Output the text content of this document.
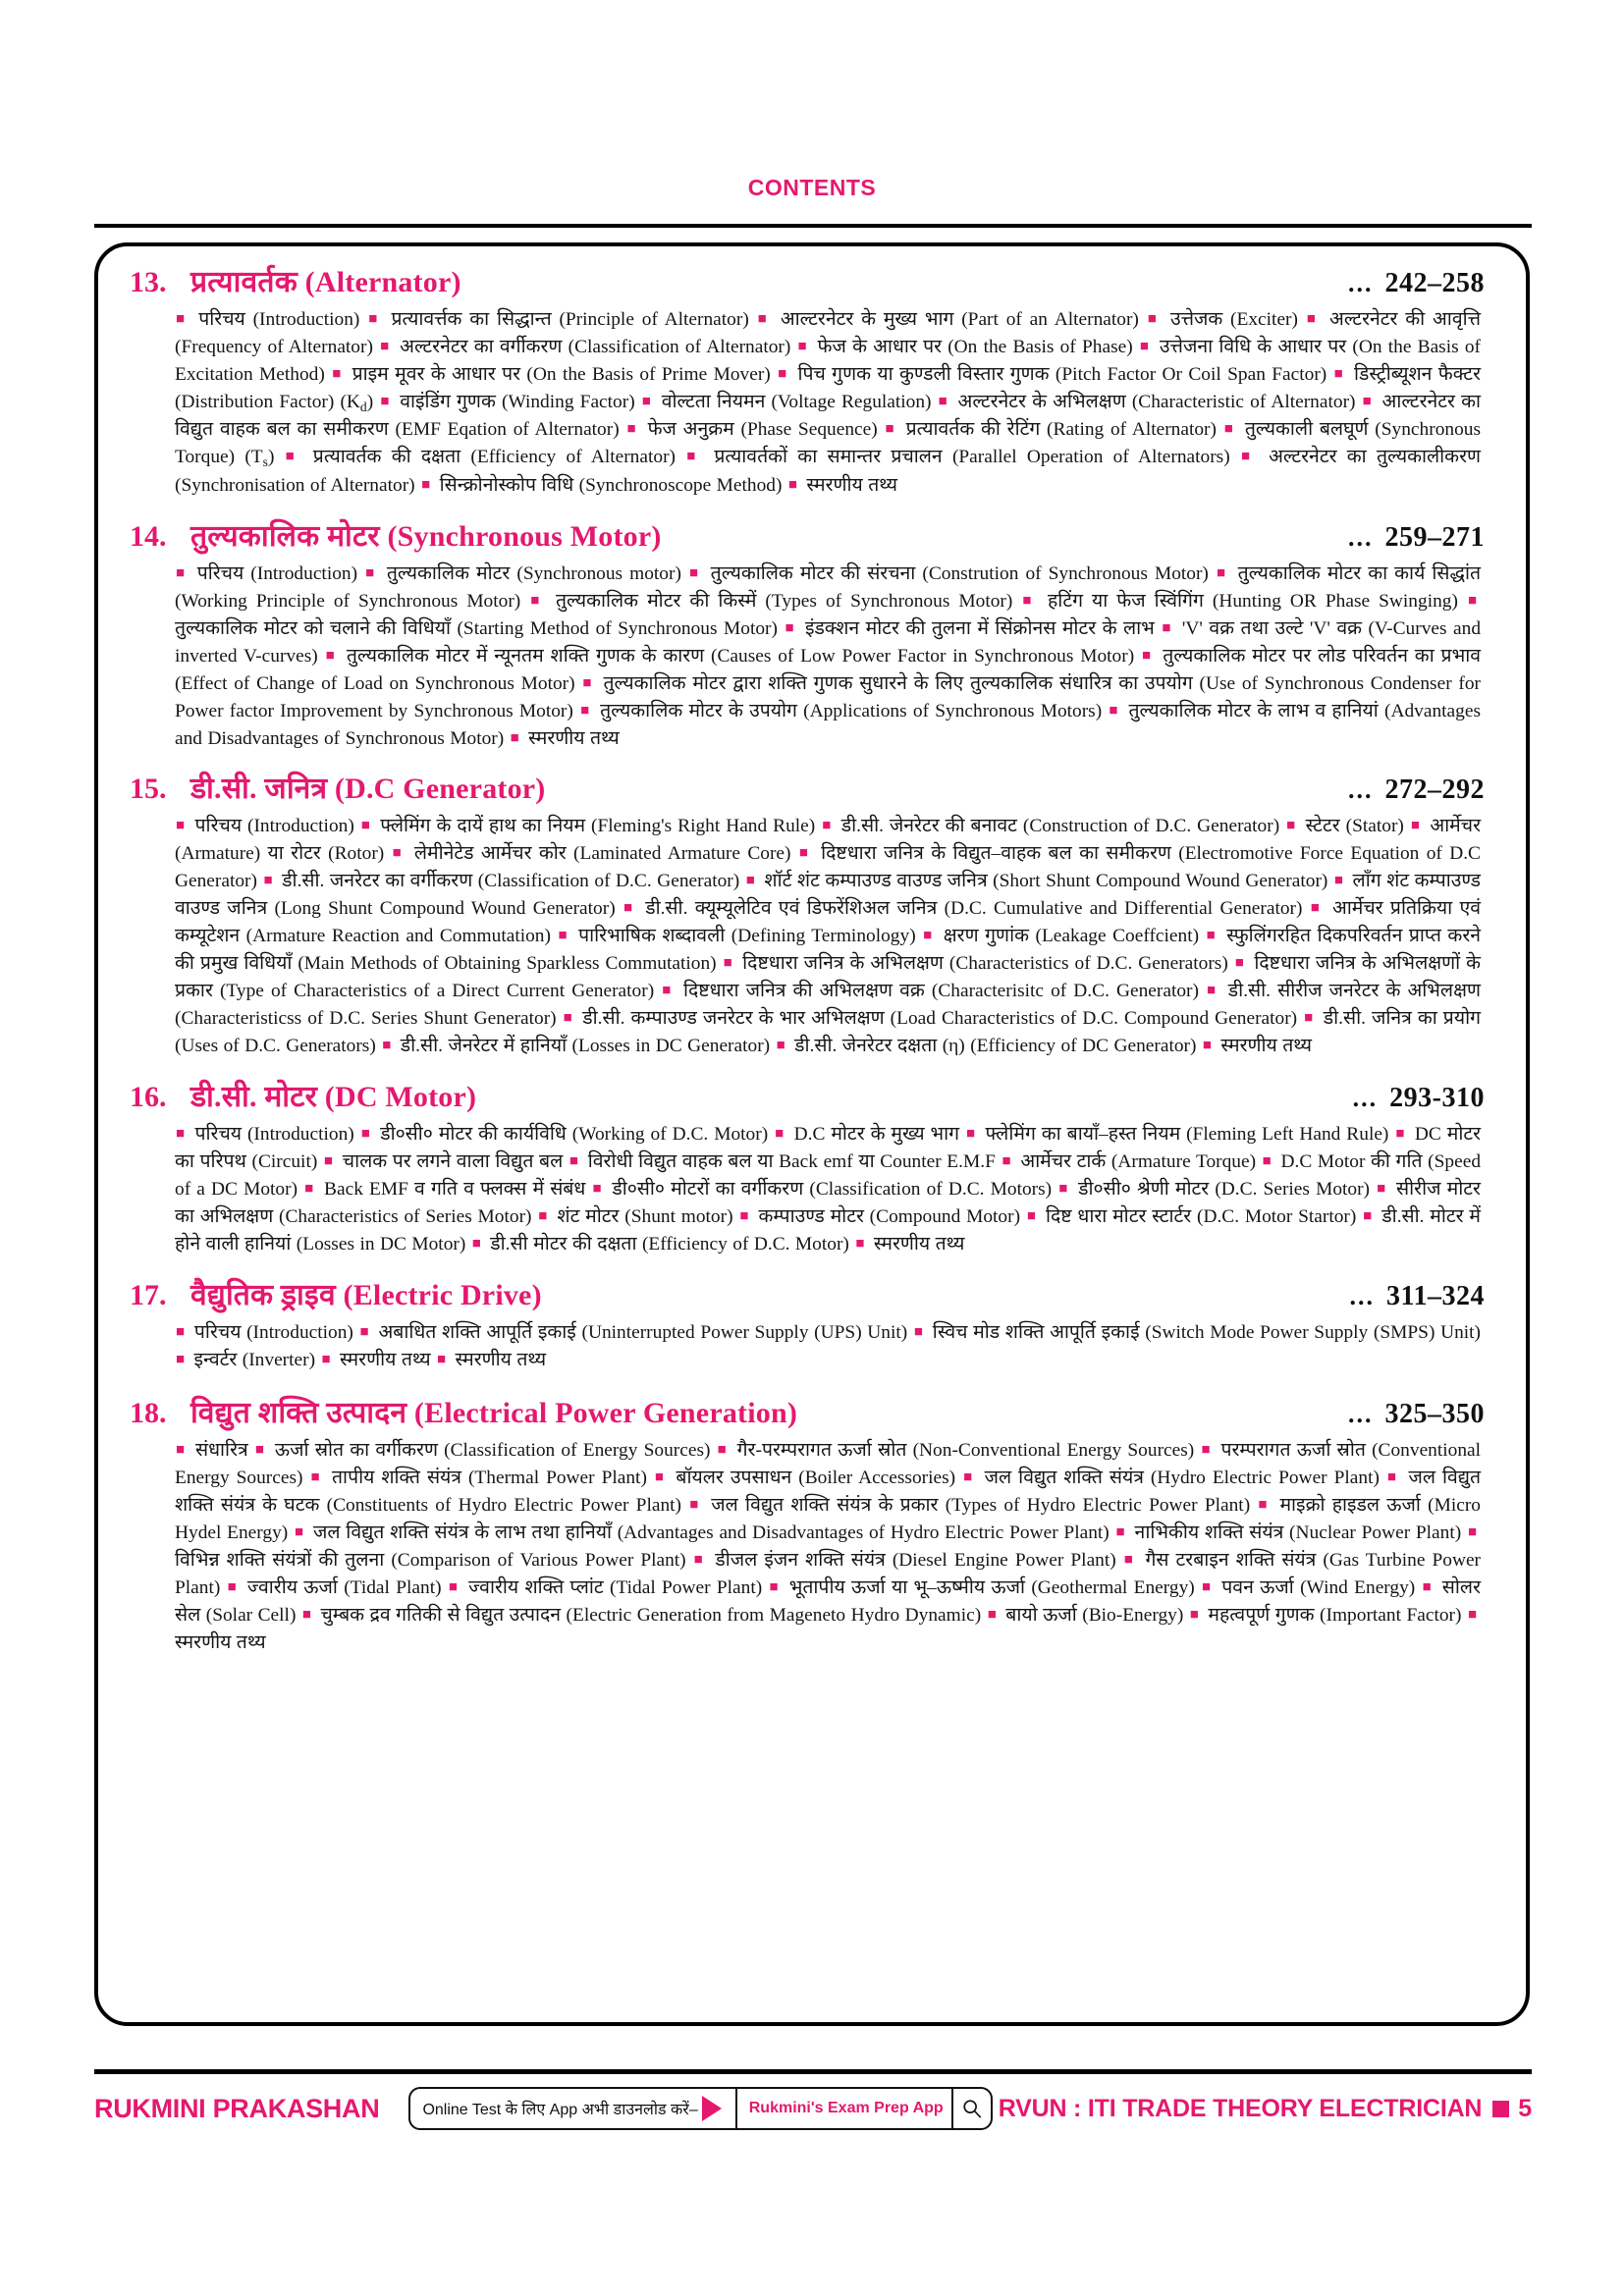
CONTENTS
13. प्रत्यावर्तक (Alternator)	... 242–258
■ परिचय (Introduction) ■ प्रत्यावर्त्तक का सिद्धान्त (Principle of Alternator) ■ आल्टरनेटर के मुख्य भाग (Part of an Alternator) ■ उत्तेजक (Exciter) ■ अल्टरनेटर की आवृत्ति (Frequency of Alternator) ■ अल्टरनेटर का वर्गीकरण (Classification of Alternator) ■ फेज के आधार पर (On the Basis of Phase) ■ उत्तेजना विधि के आधार पर (On the Basis of Excitation Method) ■ प्राइम मूवर के आधार पर (On the Basis of Prime Mover) ■ पिच गुणक या कुण्डली विस्तार गुणक (Pitch Factor Or Coil Span Factor) ■ डिस्ट्रीब्यूशन फैक्टर (Distribution Factor) $(K_d)$ ■ वाइंडिंग गुणक (Winding Factor) ■ वोल्टता नियमन (Voltage Regulation) ■ अल्टरनेटर के अभिलक्षण (Characteristic of Alternator) ■ आल्टरनेटर का विद्युत वाहक बल का समीकरण (EMF Eqation of Alternator) ■ फेज अनुक्रम (Phase Sequence) ■ प्रत्यावर्तक की रेटिंग (Rating of Alternator) ■ तुल्यकाली बलघूर्ण (Synchronous Torque) $(T_s)$ ■ प्रत्यावर्तक की दक्षता (Efficiency of Alternator) ■ प्रत्यावर्तकों का समान्तर प्रचालन (Parallel Operation of Alternators) ■ अल्टरनेटर का तुल्यकालीकरण (Synchronisation of Alternator) ■ सिन्क्रोनोस्कोप विधि (Synchronoscope Method) ■ स्मरणीय तथ्य
14. तुल्यकालिक मोटर (Synchronous Motor)	... 259–271
■ परिचय (Introduction) ■ तुल्यकालिक मोटर (Synchronous motor) ■ तुल्यकालिक मोटर की संरचना (Constrution of Synchronous Motor) ■ तुल्यकालिक मोटर का कार्य सिद्धांत (Working Principle of Synchronous Motor) ■ तुल्यकालिक मोटर की किस्में (Types of Synchronous Motor) ■ हटिंग या फेज स्विंगिंग (Hunting OR Phase Swinging) ■ तुल्यकालिक मोटर को चलाने की विधियाँ (Starting Method of Synchronous Motor) ■ इंडक्शन मोटर की तुलना में सिंक्रोनस मोटर के लाभ ■ 'V' वक्र तथा उल्टे 'V' वक्र (V-Curves and inverted V-curves) ■ तुल्यकालिक मोटर में न्यूनतम शक्ति गुणक के कारण (Causes of Low Power Factor in Synchronous Motor) ■ तुल्यकालिक मोटर पर लोड परिवर्तन का प्रभाव (Effect of Change of Load on Synchronous Motor) ■ तुल्यकालिक मोटर द्वारा शक्ति गुणक सुधारने के लिए तुल्यकालिक संधारित्र का उपयोग (Use of Synchronous Condenser for Power factor Improvement by Synchronous Motor) ■ तुल्यकालिक मोटर के उपयोग (Applications of Synchronous Motors) ■ तुल्यकालिक मोटर के लाभ व हानियां (Advantages and Disadvantages of Synchronous Motor) ■ स्मरणीय तथ्य
15. डी.सी. जनित्र (D.C Generator)	... 272–292
■ परिचय (Introduction) ■ फ्लेमिंग के दायें हाथ का नियम (Fleming's Right Hand Rule) ■ डी.सी. जेनरेटर की बनावट (Construction of D.C. Generator) ■ स्टेटर (Stator) ■ आर्मेचर (Armature) या रोटर (Rotor) ■ लेमीनेटेड आर्मेचर कोर (Laminated Armature Core) ■ दिष्टधारा जनित्र के विद्युत–वाहक बल का समीकरण (Electromotive Force Equation of D.C Generator) ■ डी.सी. जनरेटर का वर्गीकरण (Classification of D.C. Generator) ■ शॉर्ट शंट कम्पाउण्ड वाउण्ड जनित्र (Short Shunt Compound Wound Generator) ■ लॉंग शंट कम्पाउण्ड वाउण्ड जनित्र (Long Shunt Compound Wound Generator) ■ डी.सी. क्यूम्यूलेटिव एवं डिफरेंशिअल जनित्र (D.C. Cumulative and Differential Generator) ■ आर्मेचर प्रतिक्रिया एवं कम्यूटेशन (Armature Reaction and Commutation) ■ पारिभाषिक शब्दावली (Defining Terminology) ■ क्षरण गुणांक (Leakage Coeffcient) ■ स्फुलिंगरहित दिकपरिवर्तन प्राप्त करने की प्रमुख विधियाँ (Main Methods of Obtaining Sparkless Commutation) ■ दिष्टधारा जनित्र के अभिलक्षण (Characteristics of D.C. Generators) ■ दिष्टधारा जनित्र के अभिलक्षणों के प्रकार (Type of Characteristics of a Direct Current Generator) ■ दिष्टधारा जनित्र की अभिलक्षण वक्र (Characterisitc of D.C. Generator) ■ डी.सी. सीरीज जनरेटर के अभिलक्षण (Characteristicss of D.C. Series Shunt Generator) ■ डी.सी. कम्पाउण्ड जनरेटर के भार अभिलक्षण (Load Characteristics of D.C. Compound Generator) ■ डी.सी. जनित्र का प्रयोग (Uses of D.C. Generators) ■ डी.सी. जेनरेटर में हानियाँ (Losses in DC Generator) ■ डी.सी. जेनरेटर दक्षता (η) (Efficiency of DC Generator) ■ स्मरणीय तथ्य
16. डी.सी. मोटर (DC Motor)	... 293-310
■ परिचय (Introduction) ■ डी०सी० मोटर की कार्यविधि (Working of D.C. Motor) ■ D.C मोटर के मुख्य भाग ■ फ्लेमिंग का बायाँ–हस्त नियम (Fleming Left Hand Rule) ■ DC मोटर का परिपथ (Circuit) ■ चालक पर लगने वाला विद्युत बल ■ विरोधी विद्युत वाहक बल या Back emf या Counter E.M.F ■ आर्मेचर टार्क (Armature Torque) ■ D.C Motor की गति (Speed of a DC Motor) ■ Back EMF व गति व फ्लक्स में संबंध ■ डी०सी० मोटरों का वर्गीकरण (Classification of D.C. Motors) ■ डी०सी० श्रेणी मोटर (D.C. Series Motor) ■ सीरीज मोटर का अभिलक्षण (Characteristics of Series Motor) ■ शंट मोटर (Shunt motor) ■ कम्पाउण्ड मोटर (Compound Motor) ■ दिष्ट धारा मोटर स्टार्टर (D.C. Motor Startor) ■ डी.सी. मोटर में होने वाली हानियां (Losses in DC Motor) ■ डी.सी मोटर की दक्षता (Efficiency of D.C. Motor) ■ स्मरणीय तथ्य
17. वैद्युतिक ड्राइव (Electric Drive)	... 311–324
■ परिचय (Introduction) ■ अबाधित शक्ति आपूर्ति इकाई (Uninterrupted Power Supply (UPS) Unit) ■ स्विच मोड शक्ति आपूर्ति इकाई (Switch Mode Power Supply (SMPS) Unit) ■ इन्वर्टर (Inverter) ■ स्मरणीय तथ्य ■ स्मरणीय तथ्य
18. विद्युत शक्ति उत्पादन (Electrical Power Generation)	... 325–350
■ संधारित्र ■ ऊर्जा स्रोत का वर्गीकरण (Classification of Energy Sources) ■ गैर-परम्परागत ऊर्जा स्रोत (Non-Conventional Energy Sources) ■ परम्परागत ऊर्जा स्रोत (Conventional Energy Sources) ■ तापीय शक्ति संयंत्र (Thermal Power Plant) ■ बॉयलर उपसाधन (Boiler Accessories) ■ जल विद्युत शक्ति संयंत्र (Hydro Electric Power Plant) ■ जल विद्युत शक्ति संयंत्र के घटक (Constituents of Hydro Electric Power Plant) ■ जल विद्युत शक्ति संयंत्र के प्रकार (Types of Hydro Electric Power Plant) ■ माइक्रो हाइडल ऊर्जा (Micro Hydel Energy) ■ जल विद्युत शक्ति संयंत्र के लाभ तथा हानियाँ (Advantages and Disadvantages of Hydro Electric Power Plant) ■ नाभिकीय शक्ति संयंत्र (Nuclear Power Plant) ■ विभिन्न शक्ति संयंत्रों की तुलना (Comparison of Various Power Plant) ■ डीजल इंजन शक्ति संयंत्र (Diesel Engine Power Plant) ■ गैस टरबाइन शक्ति संयंत्र (Gas Turbine Power Plant) ■ ज्वारीय ऊर्जा (Tidal Plant) ■ ज्वारीय शक्ति प्लांट (Tidal Power Plant) ■ भूतापीय ऊर्जा या भू–ऊष्मीय ऊर्जा (Geothermal Energy) ■ पवन ऊर्जा (Wind Energy) ■ सोलर सेल (Solar Cell) ■ चुम्बक द्रव गतिकी से विद्युत उत्पादन (Electric Generation from Mageneto Hydro Dynamic) ■ बायो ऊर्जा (Bio-Energy) ■ महत्वपूर्ण गुणक (Important Factor) ■ स्मरणीय तथ्य
RUKMINI PRAKASHAN	Online Test के लिए App अभी डाउनलोड करें–	Rukmini's Exam Prep App RVUN : ITI TRADE THEORY ELECTRICIAN 5
